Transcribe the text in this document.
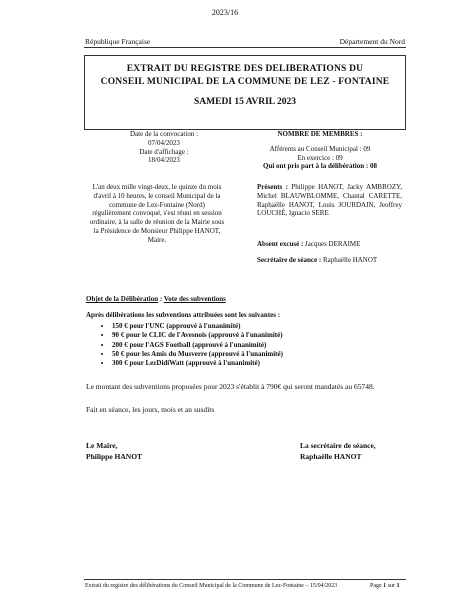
2023/16
République Française	Département du Nord
EXTRAIT DU REGISTRE DES DELIBERATIONS DU
CONSEIL MUNICIPAL DE LA COMMUNE DE LEZ - FONTAINE
SAMEDI 15 AVRIL 2023
Date de la convocation :
07/04/2023
Date d'affichage :
18/04/2023
NOMBRE DE MEMBRES :
Afférents au Conseil Municipal : 09
En exercice : 09
Qui ont pris part à la délibération : 08
L'an deux mille vingt-deux, le quinze du mois d'avril à 10 heures, le conseil Municipal de la commune de Lez-Fontaine (Nord) régulièrement convoqué, s'est réuni en session ordinaire, à la salle de réunion de la Mairie sous la Présidence de Monsieur Philippe HANOT, Maire.
Présents : Philippe HANOT, Jacky AMBROZY, Michel BLAUWBLOMME, Chantal CARETTE, Raphaëlle HANOT, Louis JOURDAIN, Jeoffrey LOUCHÉ, Ignacio SERE
Absent excusé : Jacques DERAIME
Secrétaire de séance : Raphaëlle HANOT
Objet de la Délibération : Vote des subventions
Après délibérations les subventions attribuées sont les suivantes :
• 150 € pour l'UNC (approuvé à l'unanimité)
• 90 € pour le CLIC de l'Avesnois (approuvé à l'unanimité)
• 200 € pour l'AGS Football (approuvé à l'unanimité)
• 50 € pour les Amis du Musverre (approuvé à l'unanimité)
• 300 € pour LezDidiWatt (approuvé à l'unanimité)
Le montant des subventions proposées pour 2023 s'établit à 790€ qui seront mandatés au 65748.
Fait en séance, les jours, mois et an susdits
Le Maire,
Philippe HANOT
La secrétaire de séance,
Raphaëlle HANOT
Extrait du registre des délibérations du Conseil Municipal de la Commune de Lez-Fontaine – 15/04/2023	Page 1 sur 1
